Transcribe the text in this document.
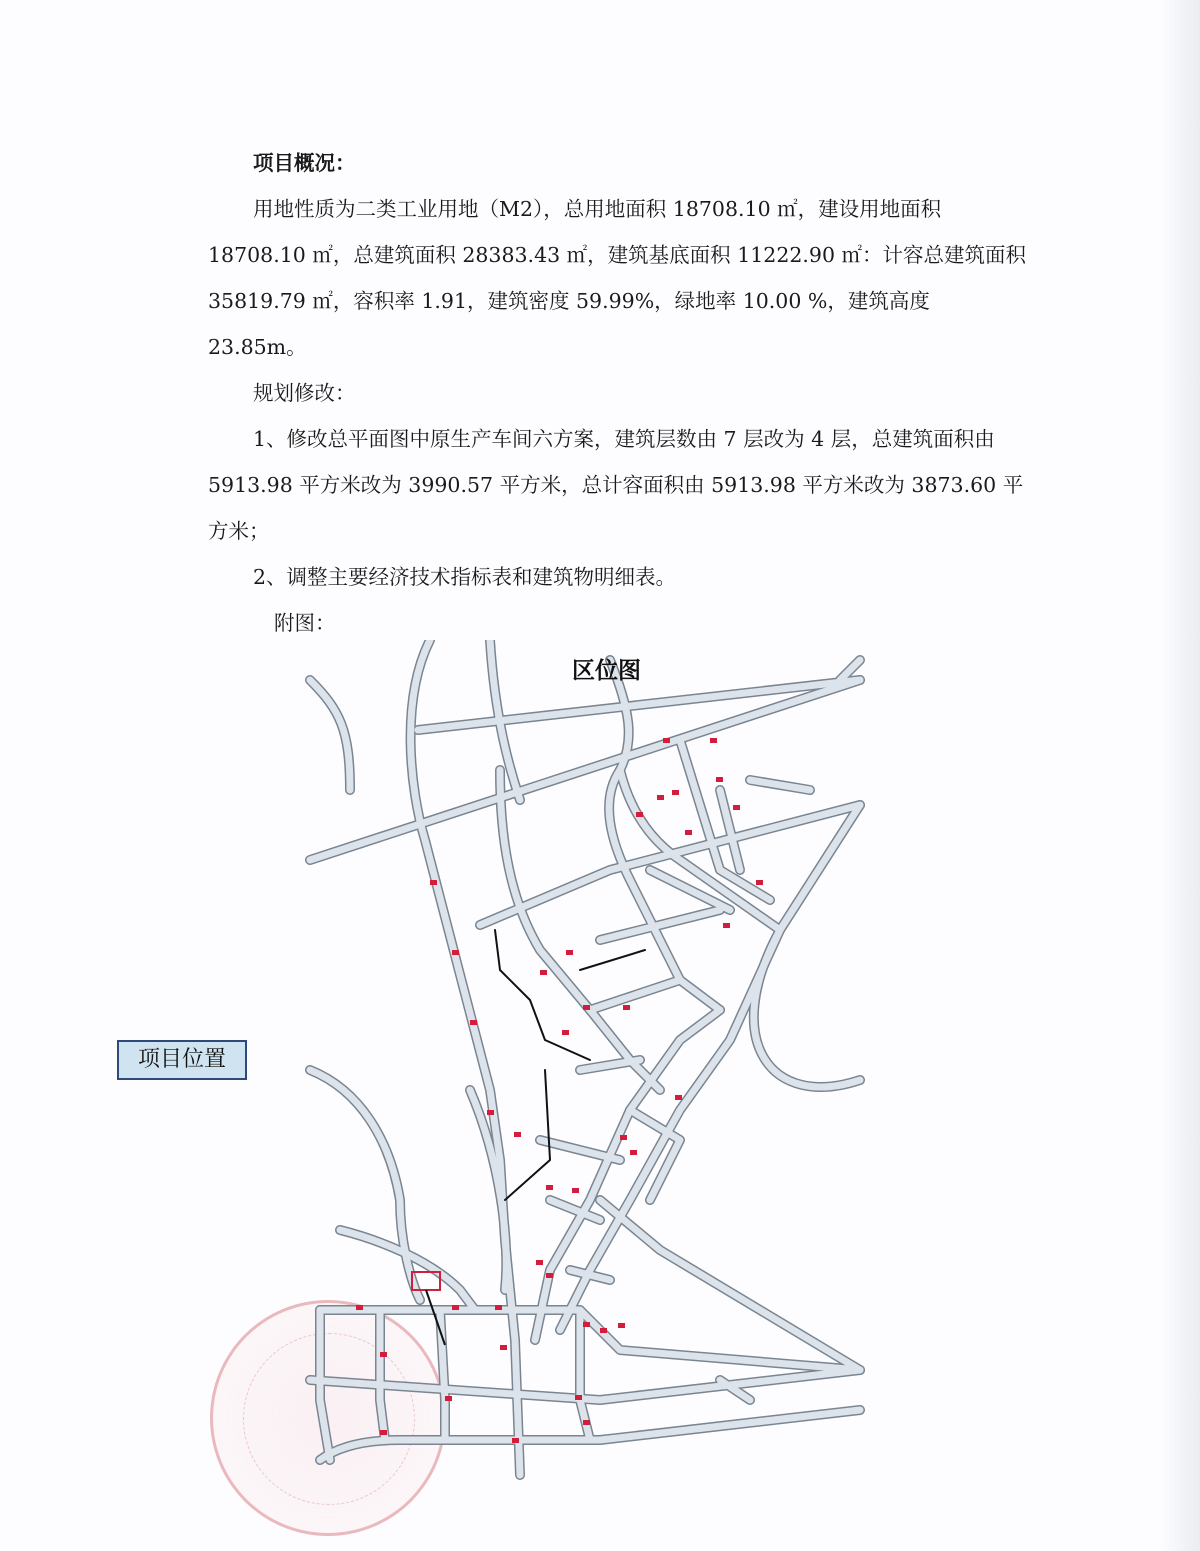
项目概况：

用地性质为二类工业用地（M2），总用地面积 18708.10 ㎡，建设用地面积 18708.10 ㎡，总建筑面积 28383.43 ㎡，建筑基底面积 11222.90 ㎡：计容总建筑面积 35819.79 ㎡，容积率 1.91，建筑密度 59.99%，绿地率 10.00 %，建筑高度 23.85m。

规划修改：

1、修改总平面图中原生产车间六方案，建筑层数由 7 层改为 4 层，总建筑面积由 5913.98 平方米改为 3990.57 平方米，总计容面积由 5913.98 平方米改为 3873.60 平方米；

2、调整主要经济技术指标表和建筑物明细表。

附图：

区位图
项目位置
